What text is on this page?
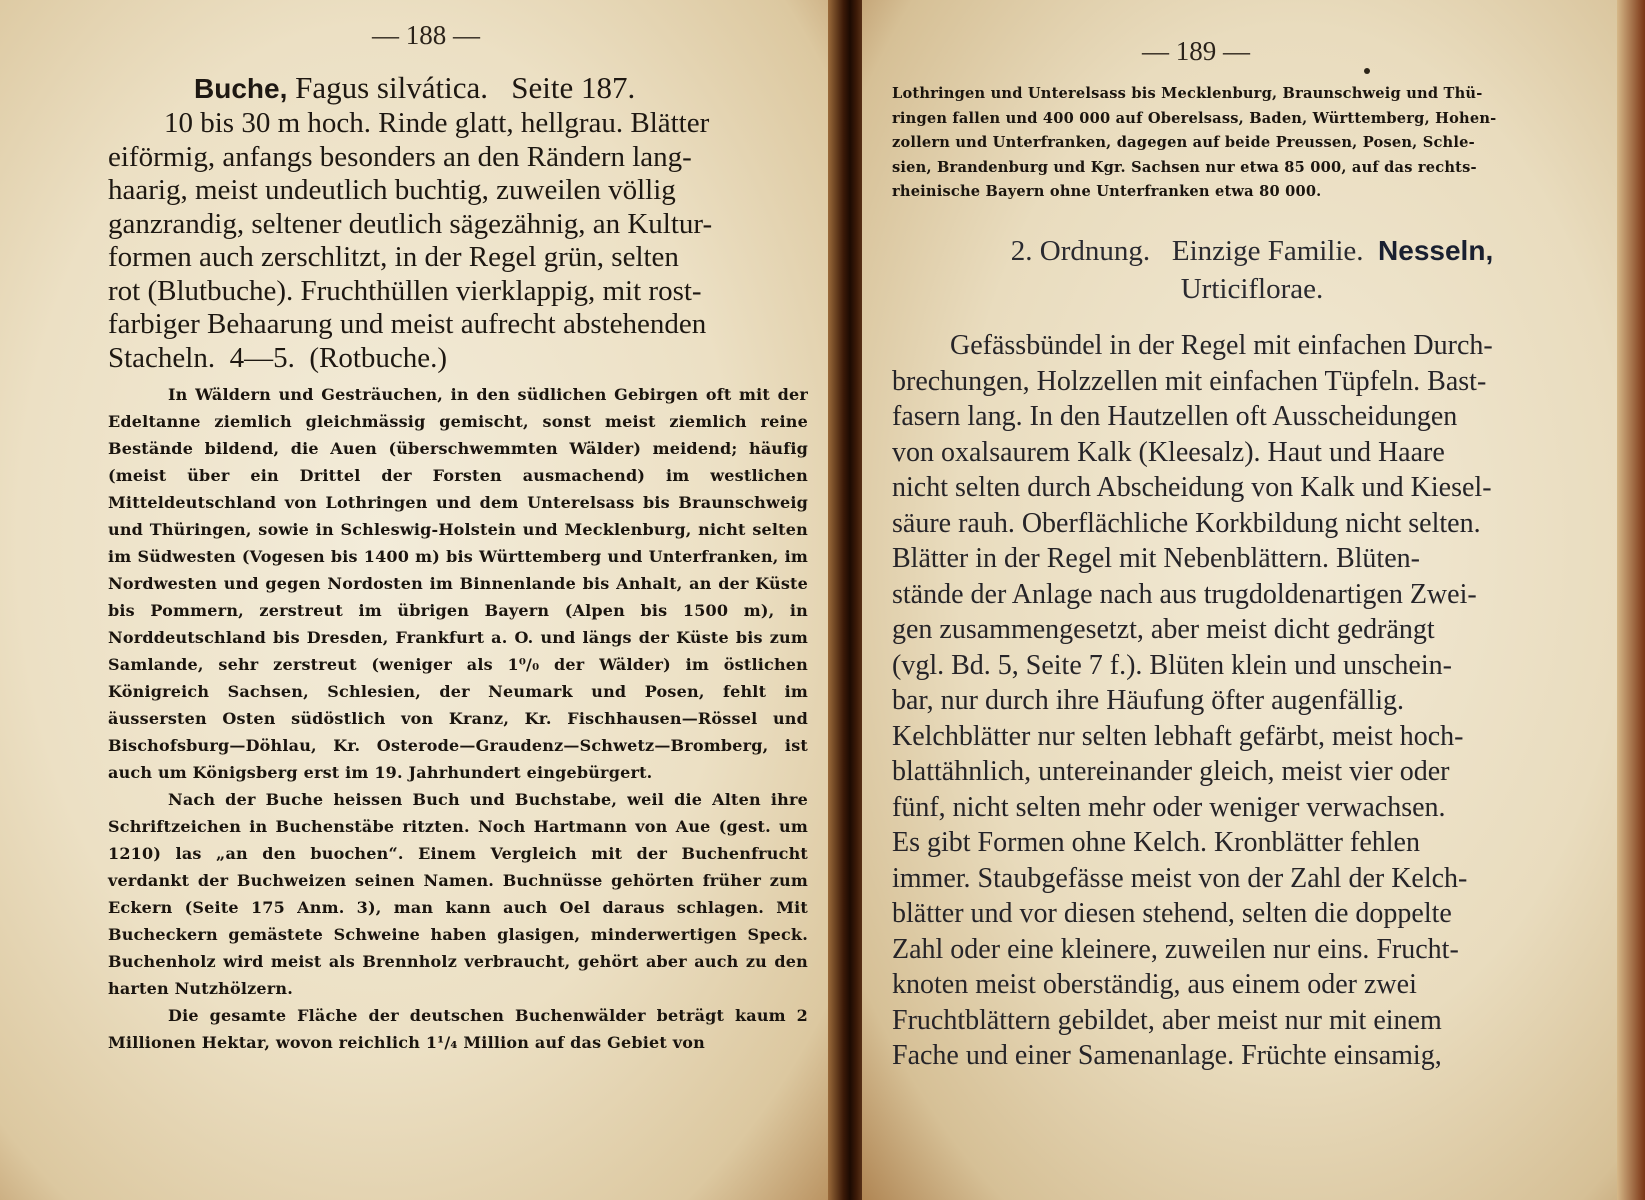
— 188 —
Buche, Fagus silvática.   Seite 187.
10 bis 30 m hoch. Rinde glatt, hellgrau. Blätter
eiförmig, anfangs besonders an den Rändern lang-
haarig, meist undeutlich buchtig, zuweilen völlig
ganzrandig, seltener deutlich sägezähnig, an Kultur-
formen auch zerschlitzt, in der Regel grün, selten
rot (Blutbuche). Fruchthüllen vierklappig, mit rost-
farbiger Behaarung und meist aufrecht abstehenden
Stacheln.  4—5.  (Rotbuche.)

In Wäldern und Gesträuchen, in den südlichen Gebirgen oft mit der Edeltanne ziemlich gleichmässig gemischt, sonst meist ziemlich reine Bestände bildend, die Auen (überschwemmten Wälder) meidend; häufig (meist über ein Drittel der Forsten ausmachend) im westlichen Mitteldeutschland von Lothringen und dem Unterelsass bis Braunschweig und Thüringen, sowie in Schleswig-Holstein und Mecklenburg, nicht selten im Südwesten (Vogesen bis 1400 m) bis Württemberg und Unterfranken, im Nordwesten und gegen Nordosten im Binnenlande bis Anhalt, an der Küste bis Pommern, zerstreut im übrigen Bayern (Alpen bis 1500 m), in Norddeutschland bis Dresden, Frankfurt a. O. und längs der Küste bis zum Samlande, sehr zerstreut (weniger als 1⁰/₀ der Wälder) im östlichen Königreich Sachsen, Schlesien, der Neumark und Posen, fehlt im äussersten Osten südöstlich von Kranz, Kr. Fischhausen—Rössel und Bischofsburg—Döhlau, Kr. Osterode—Graudenz—Schwetz—Bromberg, ist auch um Königsberg erst im 19. Jahrhundert eingebürgert.

Nach der Buche heissen Buch und Buchstabe, weil die Alten ihre Schriftzeichen in Buchenstäbe ritzten. Noch Hartmann von Aue (gest. um 1210) las „an den buochen“. Einem Vergleich mit der Buchenfrucht verdankt der Buchweizen seinen Namen. Buchnüsse gehörten früher zum Eckern (Seite 175 Anm. 3), man kann auch Oel daraus schlagen. Mit Bucheckern gemästete Schweine haben glasigen, minderwertigen Speck. Buchenholz wird meist als Brennholz verbraucht, gehört aber auch zu den harten Nutzhölzern.

Die gesamte Fläche der deutschen Buchenwälder beträgt kaum 2 Millionen Hektar, wovon reichlich 1¹/₄ Million auf das Gebiet von

— 189 —
Lothringen und Unterelsass bis Mecklenburg, Braunschweig und Thü-
ringen fallen und 400 000 auf Oberelsass, Baden, Württemberg, Hohen-
zollern und Unterfranken, dagegen auf beide Preussen, Posen, Schle-
sien, Brandenburg und Kgr. Sachsen nur etwa 85 000, auf das rechts-
rheinische Bayern ohne Unterfranken etwa 80 000.
2. Ordnung.   Einzige Familie.  Nesseln,
Urticiflorae.
Gefässbündel in der Regel mit einfachen Durch-
brechungen, Holzzellen mit einfachen Tüpfeln. Bast-
fasern lang. In den Hautzellen oft Ausscheidungen
von oxalsaurem Kalk (Kleesalz). Haut und Haare
nicht selten durch Abscheidung von Kalk und Kiesel-
säure rauh. Oberflächliche Korkbildung nicht selten.
Blätter in der Regel mit Nebenblättern. Blüten-
stände der Anlage nach aus trugdoldenartigen Zwei-
gen zusammengesetzt, aber meist dicht gedrängt
(vgl. Bd. 5, Seite 7 f.). Blüten klein und unschein-
bar, nur durch ihre Häufung öfter augenfällig.
Kelchblätter nur selten lebhaft gefärbt, meist hoch-
blattähnlich, untereinander gleich, meist vier oder
fünf, nicht selten mehr oder weniger verwachsen.
Es gibt Formen ohne Kelch. Kronblätter fehlen
immer. Staubgefässe meist von der Zahl der Kelch-
blätter und vor diesen stehend, selten die doppelte
Zahl oder eine kleinere, zuweilen nur eins. Frucht-
knoten meist oberständig, aus einem oder zwei
Fruchtblättern gebildet, aber meist nur mit einem
Fache und einer Samenanlage. Früchte einsamig,
